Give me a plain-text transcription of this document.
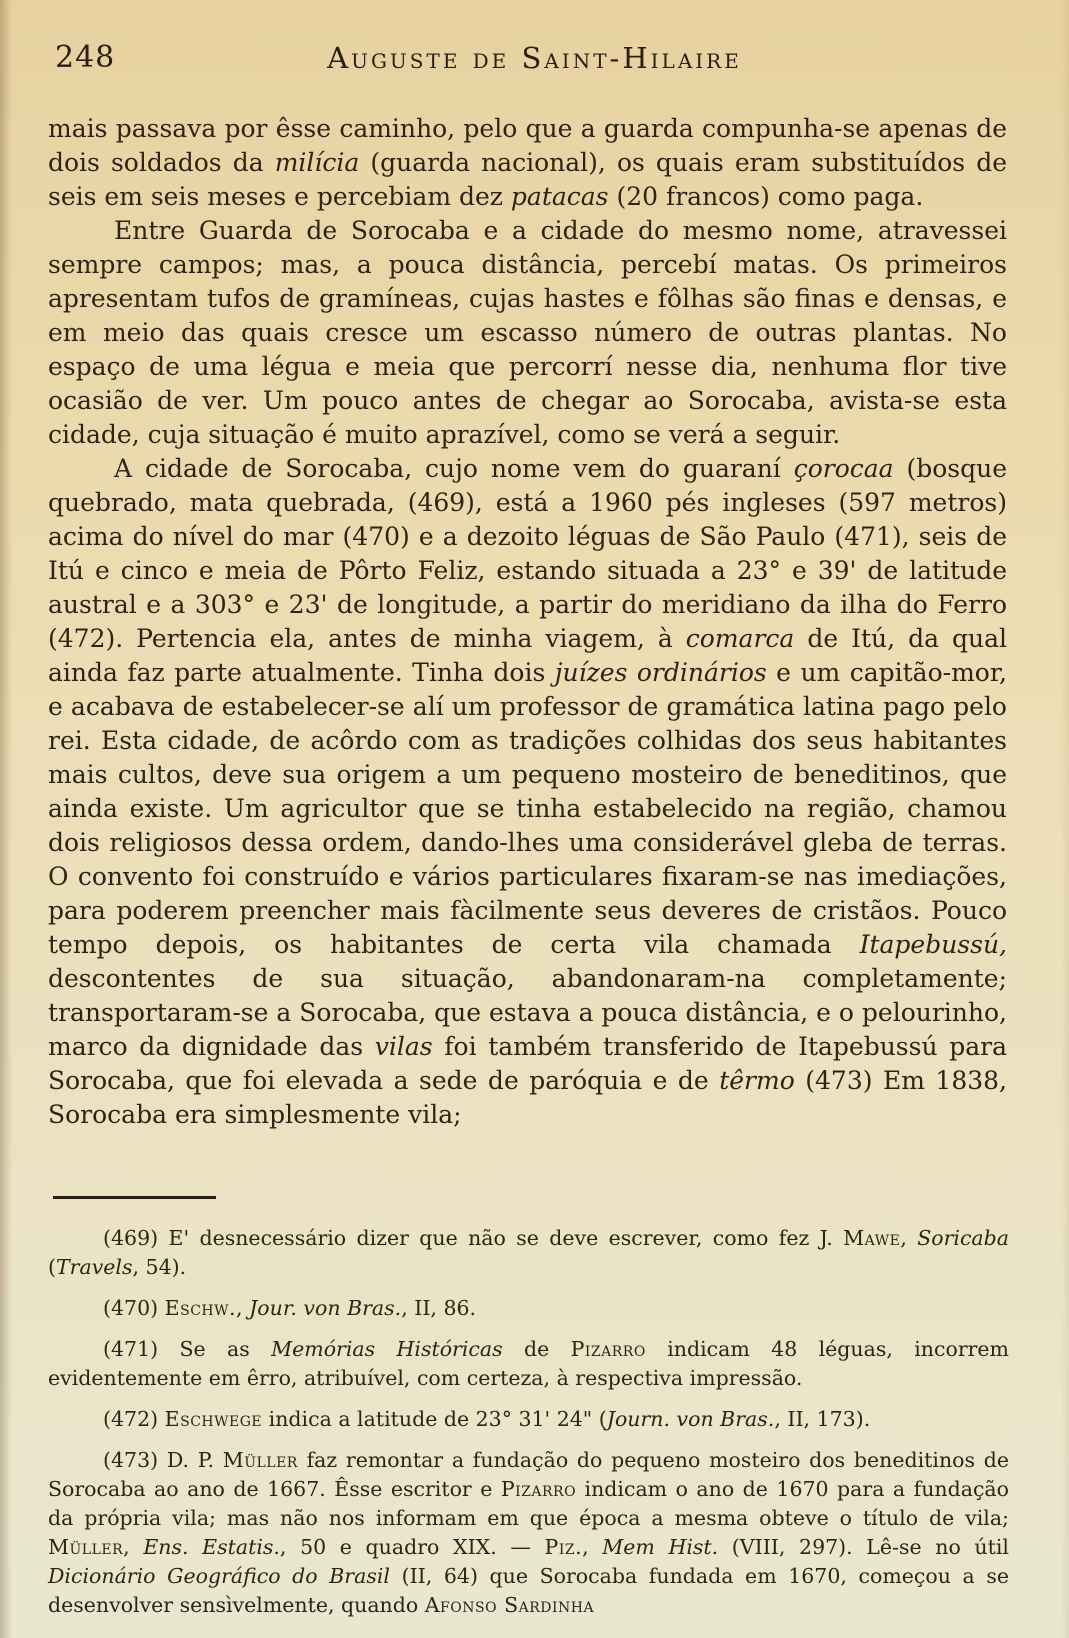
248	Auguste de Saint-Hilaire

mais passava por êsse caminho, pelo que a guarda compunha-se apenas de dois soldados da milícia (guarda nacional), os quais eram substituídos de seis em seis meses e percebiam dez patacas (20 francos) como paga.

Entre Guarda de Sorocaba e a cidade do mesmo nome, atravessei sempre campos; mas, a pouca distância, percebí matas. Os primeiros apresentam tufos de gramíneas, cujas hastes e fôlhas são finas e densas, e em meio das quais cresce um escasso número de outras plantas. No espaço de uma légua e meia que percorrí nesse dia, nenhuma flor tive ocasião de ver. Um pouco antes de chegar ao Sorocaba, avista-se esta cidade, cuja situação é muito aprazível, como se verá a seguir.

A cidade de Sorocaba, cujo nome vem do guaraní çorocaa (bosque quebrado, mata quebrada, (469), está a 1960 pés ingleses (597 metros) acima do nível do mar (470) e a dezoito léguas de São Paulo (471), seis de Itú e cinco e meia de Pôrto Feliz, estando situada a 23° e 39' de latitude austral e a 303° e 23' de longitude, a partir do meridiano da ilha do Ferro (472). Pertencia ela, antes de minha viagem, à comarca de Itú, da qual ainda faz parte atualmente. Tinha dois juízes ordinários e um capitão-mor, e acabava de estabelecer-se alí um professor de gramática latina pago pelo rei. Esta cidade, de acôrdo com as tradições colhidas dos seus habitantes mais cultos, deve sua origem a um pequeno mosteiro de beneditinos, que ainda existe. Um agricultor que se tinha estabelecido na região, chamou dois religiosos dessa ordem, dando-lhes uma considerável gleba de terras. O convento foi construído e vários particulares fixaram-se nas imediações, para poderem preencher mais fàcilmente seus deveres de cristãos. Pouco tempo depois, os habitantes de certa vila chamada Itapebussú, descontentes de sua situação, abandonaram-na completamente; transportaram-se a Sorocaba, que estava a pouca distância, e o pelourinho, marco da dignidade das vilas foi também transferido de Itapebussú para Sorocaba, que foi elevada a sede de paróquia e de têrmo (473) Em 1838, Sorocaba era simplesmente vila;

(469) E' desnecessário dizer que não se deve escrever, como fez J. Mawe, Soricaba (Travels, 54).

(470) Eschw., Jour. von Bras., II, 86.

(471) Se as Memórias Históricas de Pizarro indicam 48 léguas, incorrem evidentemente em êrro, atribuível, com certeza, à respectiva impressão.

(472) Eschwege indica a latitude de 23° 31' 24" (Journ. von Bras., II, 173).

(473) D. P. Müller faz remontar a fundação do pequeno mosteiro dos beneditinos de Sorocaba ao ano de 1667. Êsse escritor e Pizarro indicam o ano de 1670 para a fundação da própria vila; mas não nos informam em que época a mesma obteve o título de vila; Müller, Ens. Estatis., 50 e quadro XIX. — Piz., Mem Hist. (VIII, 297). Lê-se no útil Dicionário Geográfico do Brasil (II, 64) que Sorocaba fundada em 1670, começou a se desenvolver sensìvelmente, quando Afonso Sardinha
